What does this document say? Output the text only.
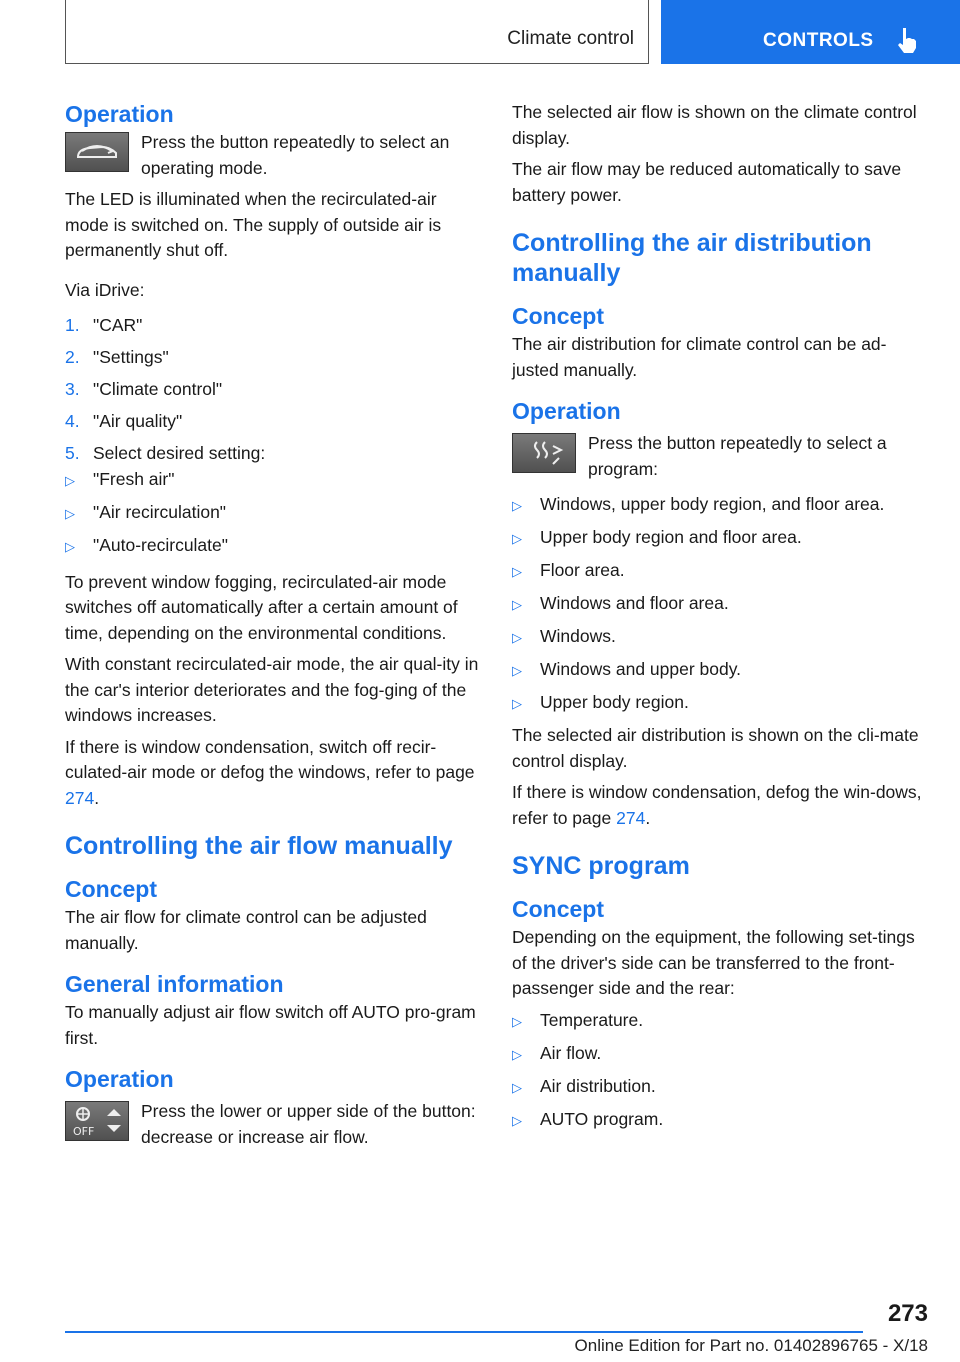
Climate control	CONTROLS
Operation
Press the button repeatedly to select an operating mode.
The LED is illuminated when the recirculated-air mode is switched on. The supply of outside air is permanently shut off.
Via iDrive:
1. "CAR"
2. "Settings"
3. "Climate control"
4. "Air quality"
5. Select desired setting:
▷	"Fresh air"
▷	"Air recirculation"
▷	"Auto-recirculate"
To prevent window fogging, recirculated-air mode switches off automatically after a certain amount of time, depending on the environmental conditions.
With constant recirculated-air mode, the air qual-ity in the car's interior deteriorates and the fog-ging of the windows increases.
If there is window condensation, switch off recir-culated-air mode or defog the windows, refer to page 274.
Controlling the air flow manually
Concept
The air flow for climate control can be adjusted manually.
General information
To manually adjust air flow switch off AUTO pro-gram first.
Operation
OFF
Press the lower or upper side of the button: decrease or increase air flow.
The selected air flow is shown on the climate control display.
The air flow may be reduced automatically to save battery power.
Controlling the air distribution manually
Concept
The air distribution for climate control can be ad-justed manually.
Operation
Press the button repeatedly to select a program:
▷	Windows, upper body region, and floor area.
▷	Upper body region and floor area.
▷	Floor area.
▷	Windows and floor area.
▷	Windows.
▷	Windows and upper body.
▷	Upper body region.
The selected air distribution is shown on the cli-mate control display.
If there is window condensation, defog the win-dows, refer to page 274.
SYNC program
Concept
Depending on the equipment, the following set-tings of the driver's side can be transferred to the front-passenger side and the rear:
▷	Temperature.
▷	Air flow.
▷	Air distribution.
▷	AUTO program.
273
Online Edition for Part no. 01402896765 - X/18
